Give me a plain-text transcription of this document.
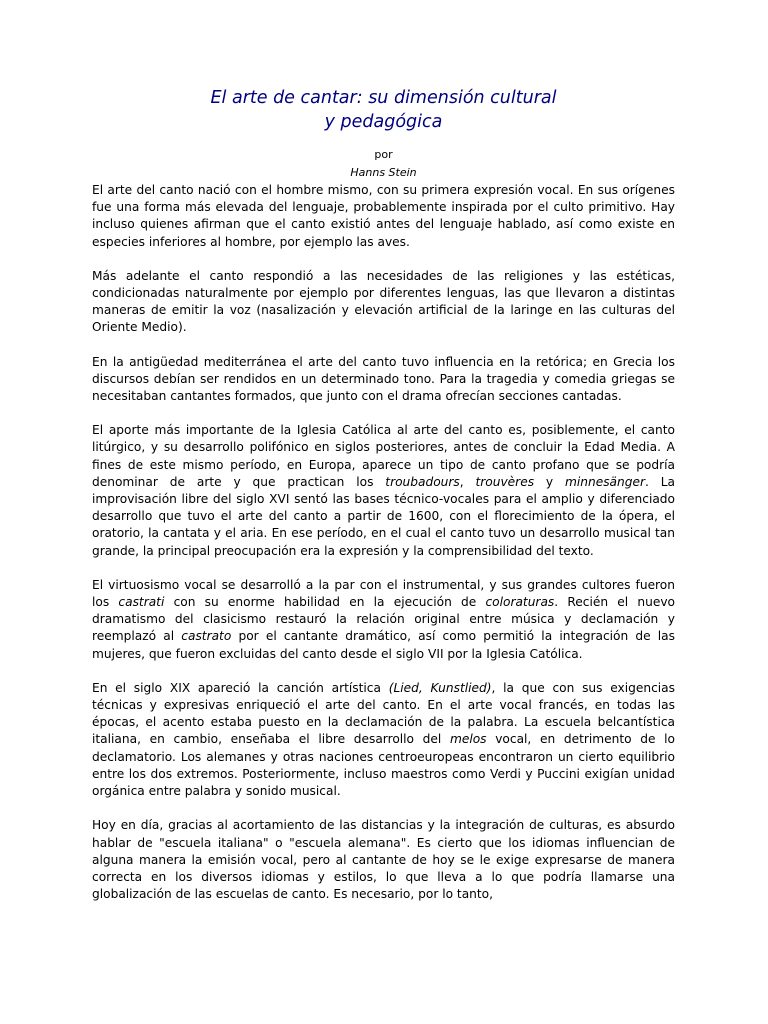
El arte de cantar: su dimensión cultural
y pedagógica
por
Hanns Stein

El arte del canto nació con el hombre mismo, con su primera expresión vocal. En sus orígenes fue una forma más elevada del lenguaje, probablemente inspirada por el culto primitivo. Hay incluso quienes afirman que el canto existió antes del lenguaje hablado, así como existe en especies inferiores al hombre, por ejemplo las aves.

Más adelante el canto respondió a las necesidades de las religiones y las estéticas, condicionadas naturalmente por ejemplo por diferentes lenguas, las que llevaron a distintas maneras de emitir la voz (nasalización y elevación artificial de la laringe en las culturas del Oriente Medio).

En la antigüedad mediterránea el arte del canto tuvo influencia en la retórica; en Grecia los discursos debían ser rendidos en un determinado tono. Para la tragedia y comedia griegas se necesitaban cantantes formados, que junto con el drama ofrecían secciones cantadas.

El aporte más importante de la Iglesia Católica al arte del canto es, posiblemente, el canto litúrgico, y su desarrollo polifónico en siglos posteriores, antes de concluir la Edad Media. A fines de este mismo período, en Europa, aparece un tipo de canto profano que se podría denominar de arte y que practican los troubadours, trouvères y minnesänger. La improvisación libre del siglo XVI sentó las bases técnico-vocales para el amplio y diferenciado desarrollo que tuvo el arte del canto a partir de 1600, con el florecimiento de la ópera, el oratorio, la cantata y el aria. En ese período, en el cual el canto tuvo un desarrollo musical tan grande, la principal preocupación era la expresión y la comprensibilidad del texto.

El virtuosismo vocal se desarrolló a la par con el instrumental, y sus grandes cultores fueron los castrati con su enorme habilidad en la ejecución de coloraturas. Recién el nuevo dramatismo del clasicismo restauró la relación original entre música y declamación y reemplazó al castrato por el cantante dramático, así como permitió la integración de las mujeres, que fueron excluidas del canto desde el siglo VII por la Iglesia Católica.

En el siglo XIX apareció la canción artística (Lied, Kunstlied), la que con sus exigencias técnicas y expresivas enriqueció el arte del canto. En el arte vocal francés, en todas las épocas, el acento estaba puesto en la declamación de la palabra. La escuela belcantística italiana, en cambio, enseñaba el libre desarrollo del melos vocal, en detrimento de lo declamatorio. Los alemanes y otras naciones centroeuropeas encontraron un cierto equilibrio entre los dos extremos. Posteriormente, incluso maestros como Verdi y Puccini exigían unidad orgánica entre palabra y sonido musical.

Hoy en día, gracias al acortamiento de las distancias y la integración de culturas, es absurdo hablar de "escuela italiana" o "escuela alemana". Es cierto que los idiomas influencian de alguna manera la emisión vocal, pero al cantante de hoy se le exige expresarse de manera correcta en los diversos idiomas y estilos, lo que lleva a lo que podría llamarse una globalización de las escuelas de canto. Es necesario, por lo tanto,
